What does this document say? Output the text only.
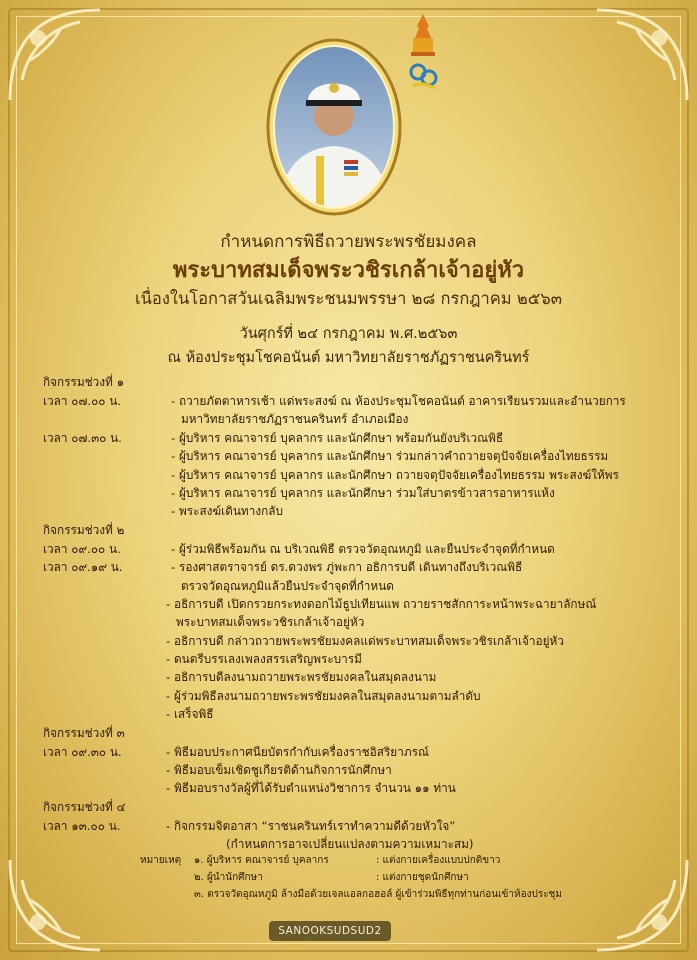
กำหนดการพิธีถวายพระพรชัยมงคล
พระบาทสมเด็จพระวชิรเกล้าเจ้าอยู่หัว
เนื่องในโอกาสวันเฉลิมพระชนมพรรษา ๒๘ กรกฎาคม ๒๕๖๓
วันศุกร์ที่ ๒๔ กรกฎาคม พ.ศ.๒๕๖๓
ณ ห้องประชุมโชคอนันต์ มหาวิทยาลัยราชภัฏราชนครินทร์
กิจกรรมช่วงที่ ๑
เวลา ๐๗.๐๐ น.	- ถวายภัตตาหารเช้า แด่พระสงฆ์ ณ ห้องประชุมโชคอนันต์ อาคารเรียนรวมและอำนวยการ
มหาวิทยาลัยราชภัฏราชนครินทร์ อำเภอเมือง
เวลา ๐๗.๓๐ น.	- ผู้บริหาร คณาจารย์ บุคลากร และนักศึกษา พร้อมกันยังบริเวณพิธี
- ผู้บริหาร คณาจารย์ บุคลากร และนักศึกษา ร่วมกล่าวคำถวายจตุปัจจัยเครื่องไทยธรรม
- ผู้บริหาร คณาจารย์ บุคลากร และนักศึกษา ถวายจตุปัจจัยเครื่องไทยธรรม พระสงฆ์ให้พร
- ผู้บริหาร คณาจารย์ บุคลากร และนักศึกษา ร่วมใส่บาตรข้าวสารอาหารแห้ง
- พระสงฆ์เดินทางกลับ
กิจกรรมช่วงที่ ๒
เวลา ๐๙.๐๐ น.	- ผู้ร่วมพิธีพร้อมกัน ณ บริเวณพิธี ตรวจวัดอุณหภูมิ และยืนประจำจุดที่กำหนด
เวลา ๐๙.๑๙ น.	- รองศาสตราจารย์ ดร.ดวงพร ภู่พะกา อธิการบดี เดินทางถึงบริเวณพิธี
ตรวจวัดอุณหภูมิแล้วยืนประจำจุดที่กำหนด
- อธิการบดี เปิดกรวยกระทงดอกไม้ธูปเทียนแพ ถวายราชสักการะหน้าพระฉายาลักษณ์
พระบาทสมเด็จพระวชิรเกล้าเจ้าอยู่หัว
- อธิการบดี กล่าวถวายพระพรชัยมงคลแด่พระบาทสมเด็จพระวชิรเกล้าเจ้าอยู่หัว
- ดนตรีบรรเลงเพลงสรรเสริญพระบารมี
- อธิการบดีลงนามถวายพระพรชัยมงคลในสมุดลงนาม
- ผู้ร่วมพิธีลงนามถวายพระพรชัยมงคลในสมุดลงนามตามลำดับ
- เสร็จพิธี
กิจกรรมช่วงที่ ๓
เวลา ๐๙.๓๐ น.	- พิธีมอบประกาศนียบัตรกำกับเครื่องราชอิสริยาภรณ์
- พิธีมอบเข็มเชิดชูเกียรติด้านกิจการนักศึกษา
- พิธีมอบรางวัลผู้ที่ได้รับตำแหน่งวิชาการ จำนวน ๑๑ ท่าน
กิจกรรมช่วงที่ ๔
เวลา ๑๓.๐๐ น.	- กิจกรรมจิตอาสา “ราชนครินทร์เราทำความดีด้วยหัวใจ”
(กำหนดการอาจเปลี่ยนแปลงตามความเหมาะสม)
หมายเหตุ ๑. ผู้บริหาร คณาจารย์ บุคลากร	: แต่งกายเครื่องแบบปกติขาว
๒. ผู้นำนักศึกษา	: แต่งกายชุดนักศึกษา
๓. ตรวจวัดอุณหภูมิ ล้างมือด้วยเจลแอลกอฮอล์ ผู้เข้าร่วมพิธีทุกท่านก่อนเข้าห้องประชุม
SANOOKSUDSUD2
